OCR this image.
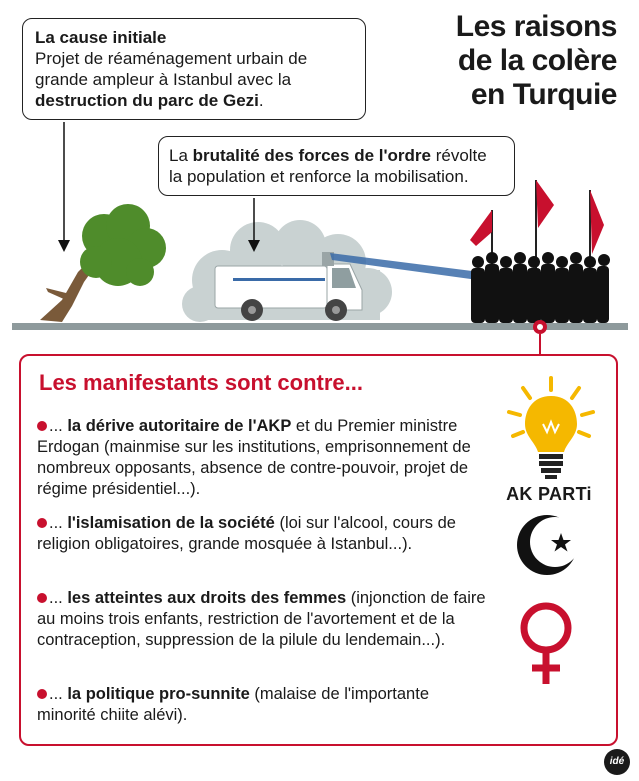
Les raisons
de la colère
en Turquie
La cause initiale
Projet de réaménagement urbain de grande ampleur à Istanbul avec la destruction du parc de Gezi.
La brutalité des forces de l'ordre révolte la population et renforce la mobilisation.
Les manifestants sont contre...
... la dérive autoritaire de l'AKP et du Premier ministre Erdogan (mainmise sur les institutions, emprisonnement de nombreux opposants, absence de contre-pouvoir, projet de régime présidentiel...).
... l'islamisation de la société (loi sur l'alcool, cours de religion obligatoires, grande mosquée à Istanbul...).
... les atteintes aux droits des femmes (injonction de faire au moins trois enfants, restriction de l'avortement et de la contraception, suppression de la pilule du lendemain...).
... la politique pro-sunnite (malaise de l'importante minorité chiite alévi).
AK PARTi
idé
